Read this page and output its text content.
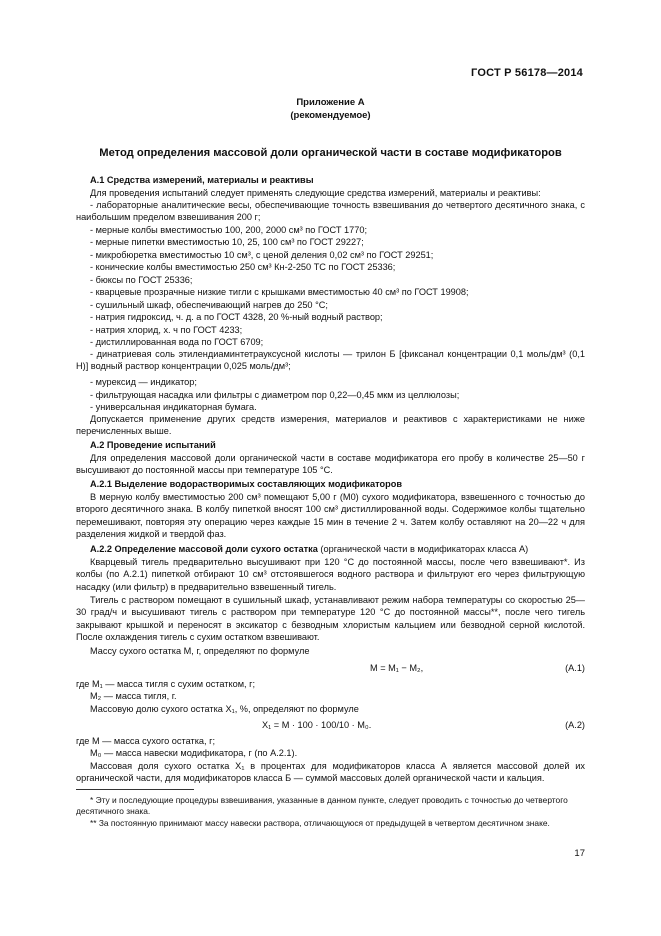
ГОСТ Р 56178—2014
Приложение А
(рекомендуемое)
Метод определения массовой доли органической части в составе модификаторов
А.1 Средства измерений, материалы и реактивы
Для проведения испытаний следует применять следующие средства измерений, материалы и реактивы:
- лабораторные аналитические весы, обеспечивающие точность взвешивания до четвертого десятичного знака, с наибольшим пределом взвешивания 200 г;
- мерные колбы вместимостью 100, 200, 2000 см³ по ГОСТ 1770;
- мерные пипетки вместимостью 10, 25, 100 см³ по ГОСТ 29227;
- микробюретка вместимостью 10 см³, с ценой деления 0,02 см³ по ГОСТ 29251;
- конические колбы вместимостью 250 см³ Кн-2-250 ТС по ГОСТ 25336;
- бюксы по ГОСТ 25336;
- кварцевые прозрачные низкие тигли с крышками вместимостью 40 см³ по ГОСТ 19908;
- сушильный шкаф, обеспечивающий нагрев до 250 °С;
- натрия гидроксид, ч. д. а по ГОСТ 4328, 20 %-ный водный раствор;
- натрия хлорид, х. ч по ГОСТ 4233;
- дистиллированная вода по ГОСТ 6709;
- динатриевая соль этилендиаминтетрауксусной кислоты — трилон Б [фиксанал концентрации 0,1 моль/дм³ (0,1 Н)] водный раствор концентрации 0,025 моль/дм³;
- мурексид — индикатор;
- фильтрующая насадка или фильтры с диаметром пор 0,22—0,45 мкм из целлюлозы;
- универсальная индикаторная бумага.
Допускается применение других средств измерения, материалов и реактивов с характеристиками не ниже перечисленных выше.
А.2 Проведение испытаний
Для определения массовой доли органической части в составе модификатора его пробу в количестве 25—50 г высушивают до постоянной массы при температуре 105 °С.
А.2.1 Выделение водорастворимых составляющих модификаторов
В мерную колбу вместимостью 200 см³ помещают 5,00 г (M0) сухого модификатора, взвешенного с точностью до второго десятичного знака. В колбу пипеткой вносят 100 см³ дистиллированной воды. Содержимое колбы тщательно перемешивают, повторяя эту операцию через каждые 15 мин в течение 2 ч. Затем колбу оставляют на 20—22 ч для разделения жидкой и твердой фаз.
А.2.2 Определение массовой доли сухого остатка (органической части в модификаторах класса А)
Кварцевый тигель предварительно высушивают при 120 °С до постоянной массы, после чего взвешивают*. Из колбы (по А.2.1) пипеткой отбирают 10 см³ отстоявшегося водного раствора и фильтруют его через фильтрующую насадку (или фильтр) в предварительно взвешенный тигель.
Тигель с раствором помещают в сушильный шкаф, устанавливают режим набора температуры со скоростью 25—30 град/ч и высушивают тигель с раствором при температуре 120 °С до постоянной массы**, после чего тигель закрывают крышкой и переносят в эксикатор с безводным хлористым кальцием или безводной серной кислотой. После охлаждения тигель с сухим остатком взвешивают.
Массу сухого остатка М, г, определяют по формуле
М = М₁ − М₂,	(А.1)
где М₁ — масса тигля с сухим остатком, г;
М₂ — масса тигля, г.
Массовую долю сухого остатка Х₁, %, определяют по формуле
Х₁ = М · 100 · 100/10 · М₀.	(А.2)
где М — масса сухого остатка, г;
М₀ — масса навески модификатора, г (по А.2.1).
Массовая доля сухого остатка Х₁ в процентах для модификаторов класса А является массовой долей их органической части, для модификаторов класса Б — суммой массовых долей органической части и кальция.
* Эту и последующие процедуры взвешивания, указанные в данном пункте, следует проводить с точностью до четвертого десятичного знака.
** За постоянную принимают массу навески раствора, отличающуюся от предыдущей в четвертом десятичном знаке.
17
